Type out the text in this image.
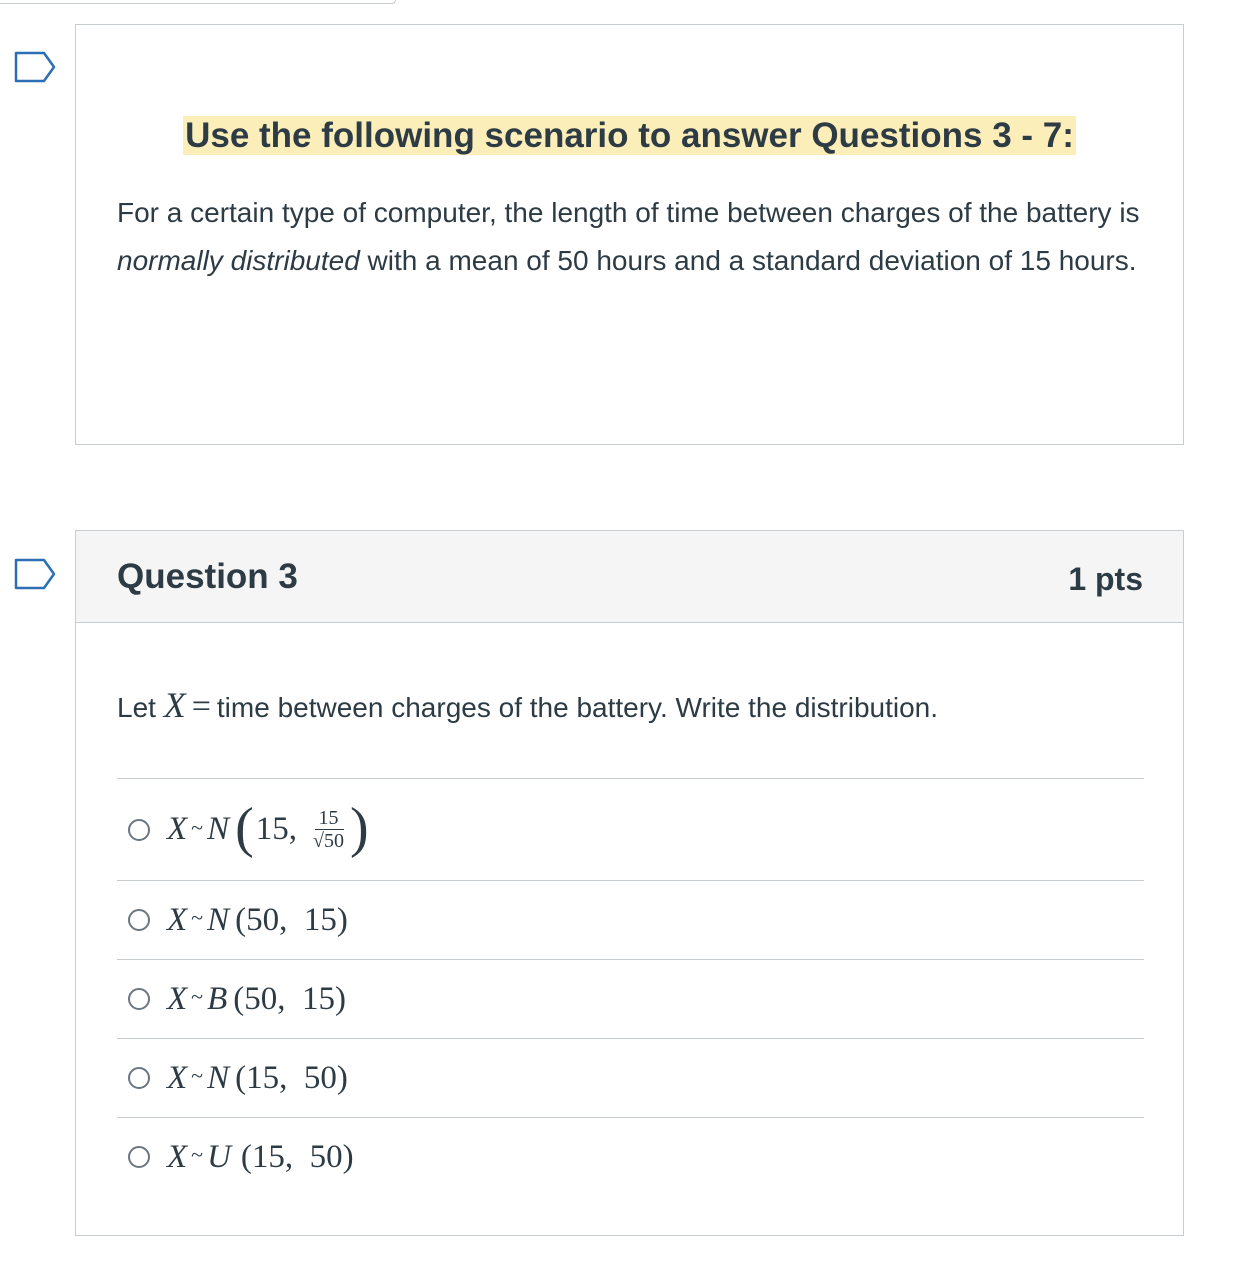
Use the following scenario to answer Questions 3 - 7:
For a certain type of computer, the length of time between charges of the battery is normally distributed with a mean of 50 hours and a standard deviation of 15 hours.
Question 3	1 pts
Let X = time between charges of the battery. Write the distribution.
X ~ N ( 15, $\frac{15}{√50}$ )
X ~ N (50,  15)
X ~ B (50,  15)
X ~ N (15,  50)
X ~ U (15,  50)
